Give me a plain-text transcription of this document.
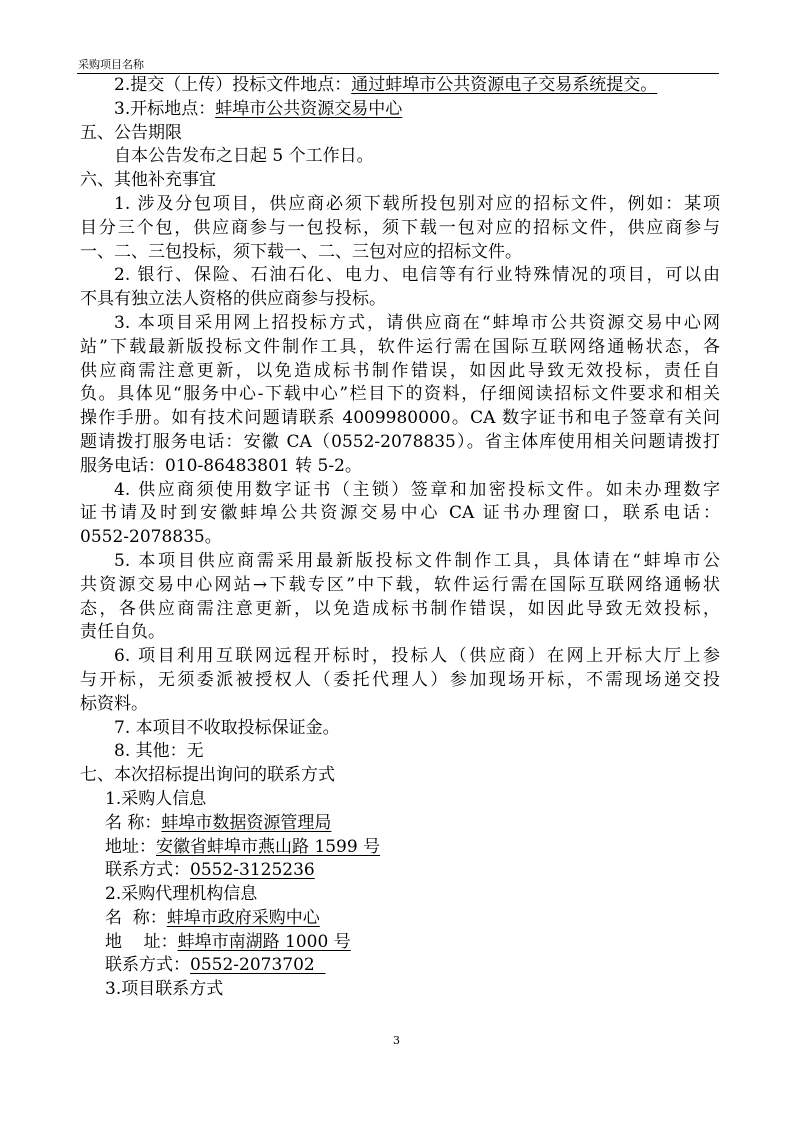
采购项目名称
2.提交（上传）投标文件地点：通过蚌埠市公共资源电子交易系统提交。
3.开标地点：蚌埠市公共资源交易中心
五、公告期限
自本公告发布之日起 5 个工作日。
六、其他补充事宜
1. 涉及分包项目，供应商必须下载所投包别对应的招标文件，例如：某项
目分三个包，供应商参与一包投标，须下载一包对应的招标文件，供应商参与
一、二、三包投标，须下载一、二、三包对应的招标文件。
2. 银行、保险、石油石化、电力、电信等有行业特殊情况的项目，可以由
不具有独立法人资格的供应商参与投标。
3. 本项目采用网上招投标方式，请供应商在“蚌埠市公共资源交易中心网
站”下载最新版投标文件制作工具，软件运行需在国际互联网络通畅状态，各
供应商需注意更新，以免造成标书制作错误，如因此导致无效投标，责任自
负。具体见“服务中心-下载中心”栏目下的资料，仔细阅读招标文件要求和相关
操作手册。如有技术问题请联系 4009980000。CA 数字证书和电子签章有关问
题请拨打服务电话：安徽 CA（0552-2078835）。省主体库使用相关问题请拨打
服务电话：010-86483801 转 5-2。
4. 供应商须使用数字证书（主锁）签章和加密投标文件。如未办理数字
证书请及时到安徽蚌埠公共资源交易中心 CA 证书办理窗口，联系电话：
0552-2078835。
5. 本项目供应商需采用最新版投标文件制作工具，具体请在“蚌埠市公
共资源交易中心网站→下载专区”中下载，软件运行需在国际互联网络通畅状
态，各供应商需注意更新，以免造成标书制作错误，如因此导致无效投标，
责任自负。
6. 项目利用互联网远程开标时，投标人（供应商）在网上开标大厅上参
与开标，无须委派被授权人（委托代理人）参加现场开标，不需现场递交投
标资料。
7. 本项目不收取投标保证金。
8. 其他：无
七、本次招标提出询问的联系方式
1.采购人信息
名 称：蚌埠市数据资源管理局
地址：安徽省蚌埠市燕山路 1599 号
联系方式：0552-3125236
2.采购代理机构信息
名  称：蚌埠市政府采购中心
地    址：蚌埠市南湖路 1000 号
联系方式：0552-2073702
3.项目联系方式
3
